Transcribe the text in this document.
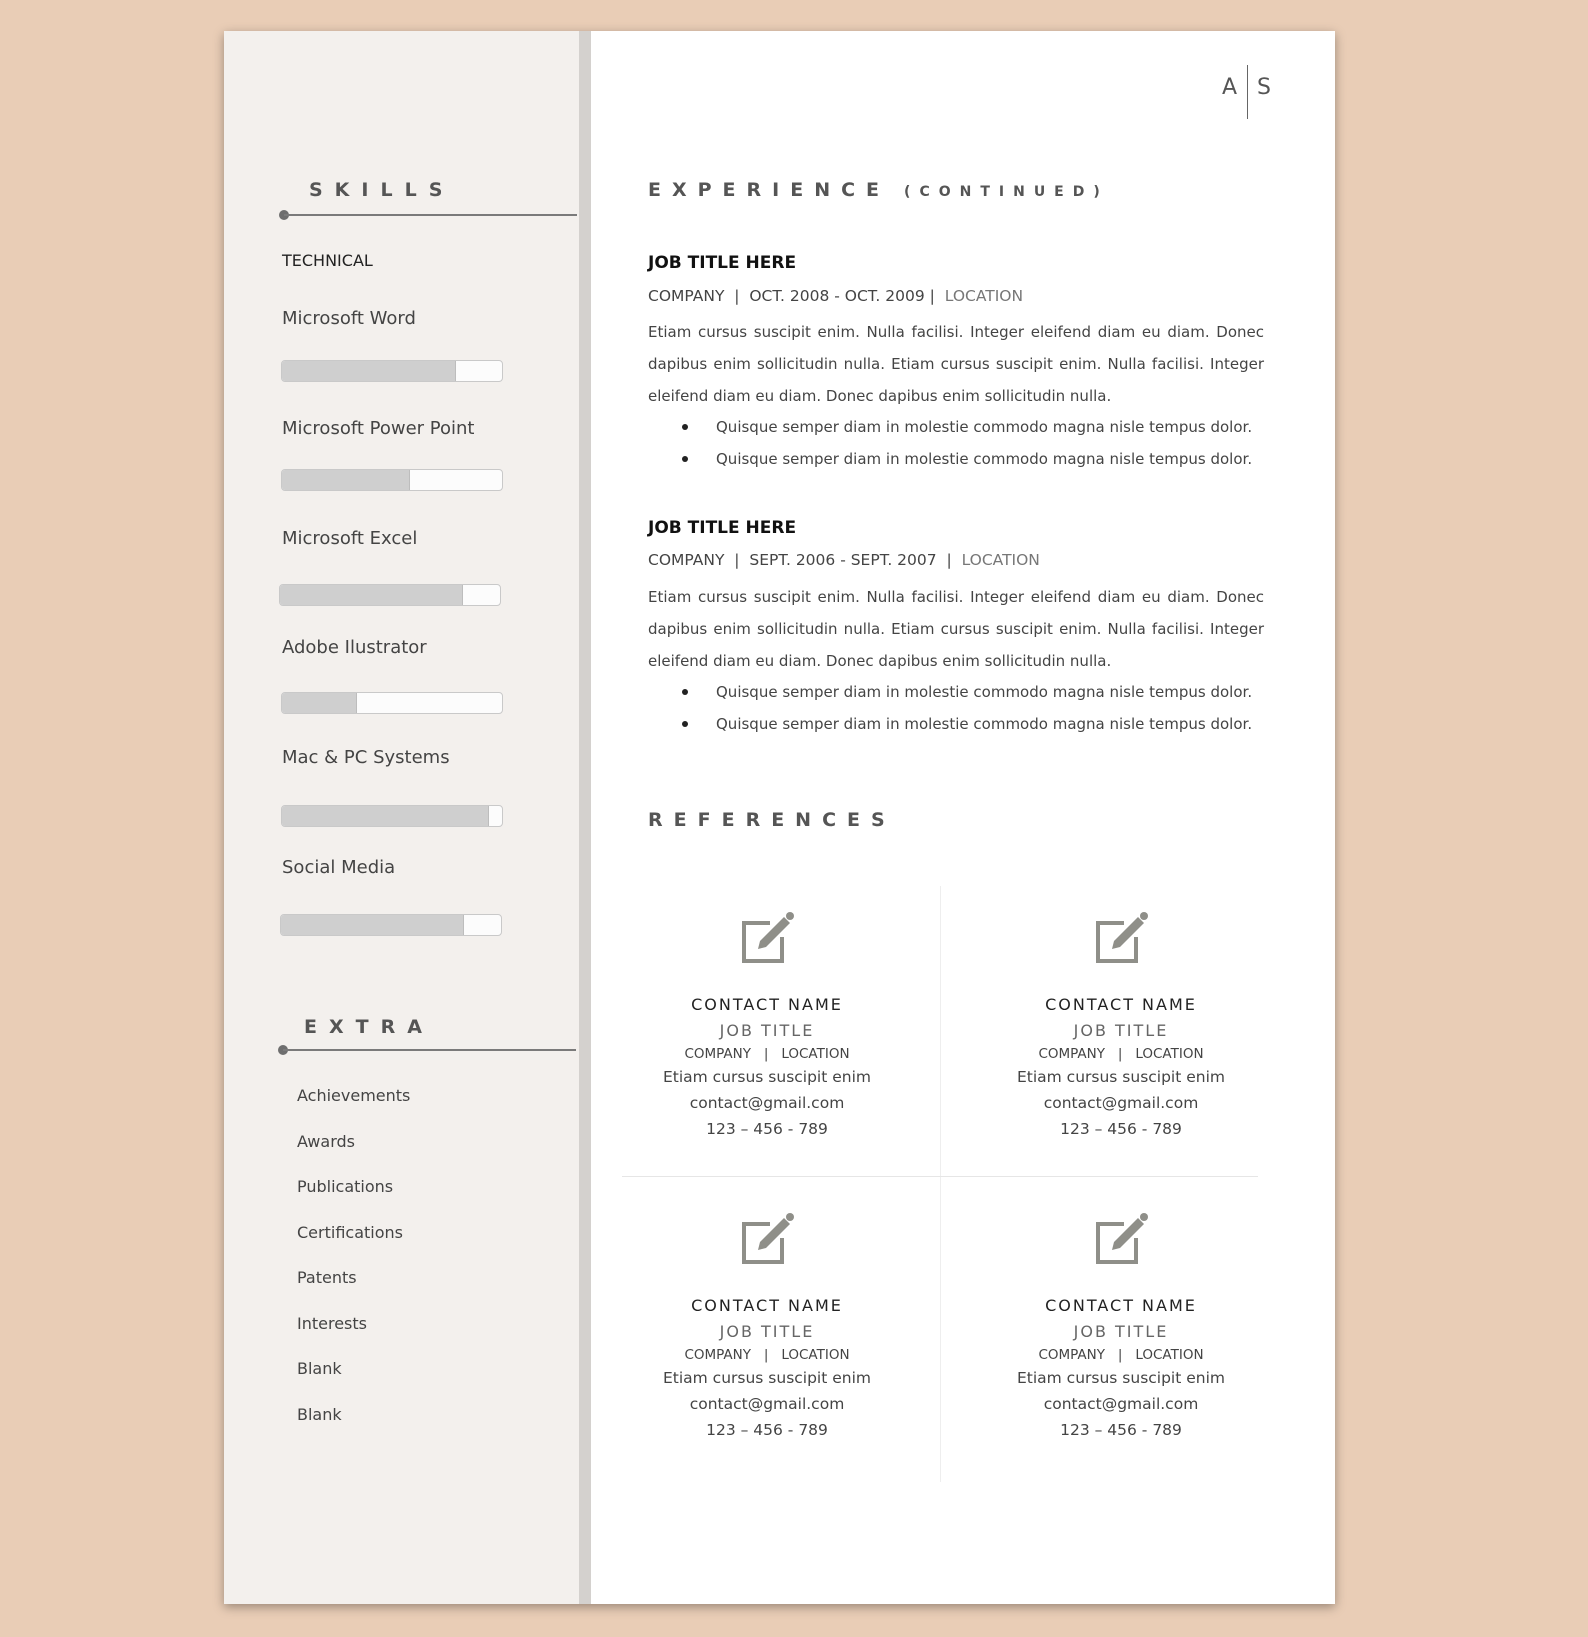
SKILLS
TECHNICAL
Microsoft Word
Microsoft Power Point
Microsoft Excel
Adobe Ilustrator
Mac & PC Systems
Social Media
EXTRA
Achievements
Awards
Publications
Certifications
Patents
Interests
Blank
Blank
A S
EXPERIENCE (CONTINUED)
JOB TITLE HERE
COMPANY  |  OCT. 2008 - OCT. 2009 |  LOCATION
Etiam cursus suscipit enim. Nulla facilisi. Integer eleifend diam eu diam. Donec dapibus enim sollicitudin nulla. Etiam cursus suscipit enim. Nulla facilisi. Integer eleifend diam eu diam. Donec dapibus enim sollicitudin nulla.
Quisque semper diam in molestie commodo magna nisle tempus dolor.
Quisque semper diam in molestie commodo magna nisle tempus dolor.
JOB TITLE HERE
COMPANY  |  SEPT. 2006 - SEPT. 2007  |  LOCATION
Etiam cursus suscipit enim. Nulla facilisi. Integer eleifend diam eu diam. Donec dapibus enim sollicitudin nulla. Etiam cursus suscipit enim. Nulla facilisi. Integer eleifend diam eu diam. Donec dapibus enim sollicitudin nulla.
Quisque semper diam in molestie commodo magna nisle tempus dolor.
Quisque semper diam in molestie commodo magna nisle tempus dolor.
REFERENCES
CONTACT NAME
JOB TITLE
COMPANY   |   LOCATION
Etiam cursus suscipit enim
contact@gmail.com
123 – 456 - 789
CONTACT NAME
JOB TITLE
COMPANY   |   LOCATION
Etiam cursus suscipit enim
contact@gmail.com
123 – 456 - 789
CONTACT NAME
JOB TITLE
COMPANY   |   LOCATION
Etiam cursus suscipit enim
contact@gmail.com
123 – 456 - 789
CONTACT NAME
JOB TITLE
COMPANY   |   LOCATION
Etiam cursus suscipit enim
contact@gmail.com
123 – 456 - 789
